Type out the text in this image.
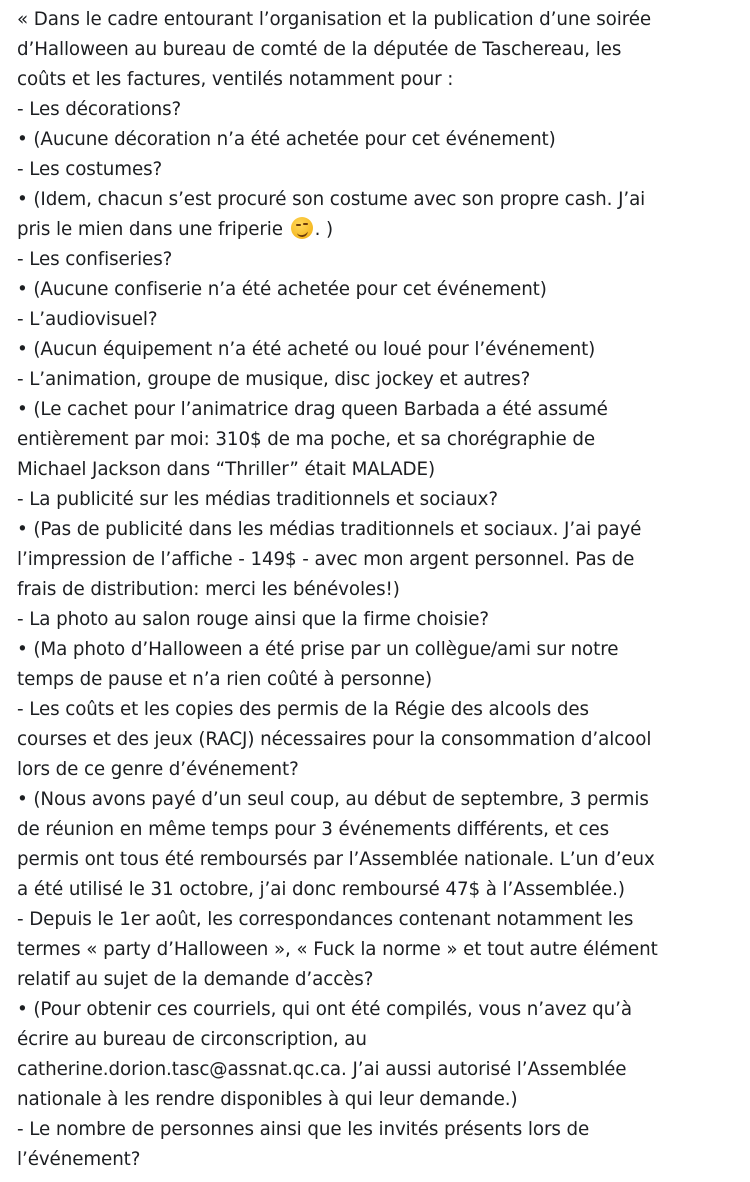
« Dans le cadre entourant l’organisation et la publication d’une soirée
d’Halloween au bureau de comté de la députée de Taschereau, les
coûts et les factures, ventilés notamment pour :
- Les décorations?
• (Aucune décoration n’a été achetée pour cet événement)
- Les costumes?
• (Idem, chacun s’est procuré son costume avec son propre cash. J’ai
pris le mien dans une friperie . )
- Les confiseries?
• (Aucune confiserie n’a été achetée pour cet événement)
- L’audiovisuel?
• (Aucun équipement n’a été acheté ou loué pour l’événement)
- L’animation, groupe de musique, disc jockey et autres?
• (Le cachet pour l’animatrice drag queen Barbada a été assumé
entièrement par moi: 310$ de ma poche, et sa chorégraphie de
Michael Jackson dans “Thriller” était MALADE)
- La publicité sur les médias traditionnels et sociaux?
• (Pas de publicité dans les médias traditionnels et sociaux. J’ai payé
l’impression de l’affiche - 149$ - avec mon argent personnel. Pas de
frais de distribution: merci les bénévoles!)
- La photo au salon rouge ainsi que la firme choisie?
• (Ma photo d’Halloween a été prise par un collègue/ami sur notre
temps de pause et n’a rien coûté à personne)
- Les coûts et les copies des permis de la Régie des alcools des
courses et des jeux (RACJ) nécessaires pour la consommation d’alcool
lors de ce genre d’événement?
• (Nous avons payé d’un seul coup, au début de septembre, 3 permis
de réunion en même temps pour 3 événements différents, et ces
permis ont tous été remboursés par l’Assemblée nationale. L’un d’eux
a été utilisé le 31 octobre, j’ai donc remboursé 47$ à l’Assemblée.)
- Depuis le 1er août, les correspondances contenant notamment les
termes « party d’Halloween », « Fuck la norme » et tout autre élément
relatif au sujet de la demande d’accès?
• (Pour obtenir ces courriels, qui ont été compilés, vous n’avez qu’à
écrire au bureau de circonscription, au
catherine.dorion.tasc@assnat.qc.ca. J’ai aussi autorisé l’Assemblée
nationale à les rendre disponibles à qui leur demande.)
- Le nombre de personnes ainsi que les invités présents lors de
l’événement?
